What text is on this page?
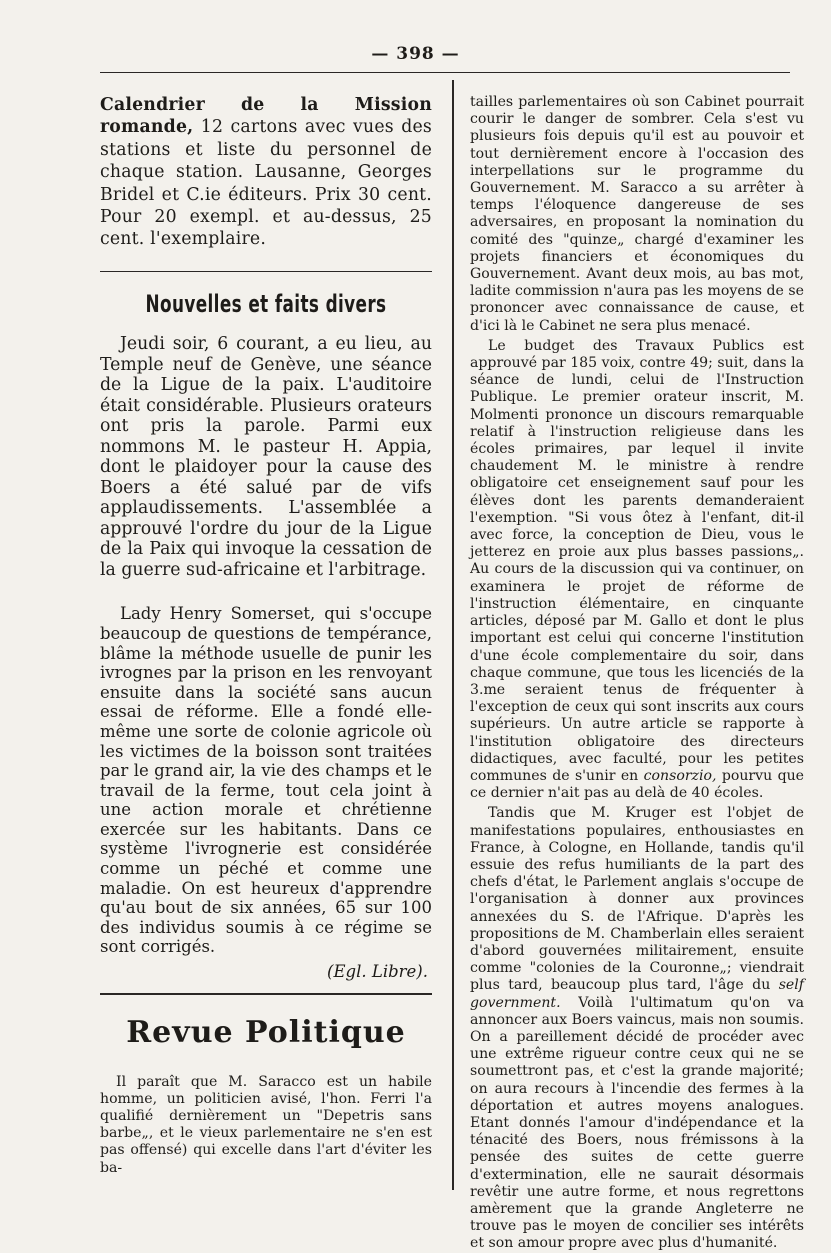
— 398 —

Calendrier de la Mission romande, 12 cartons avec vues des stations et liste du personnel de chaque station. Lausanne, Georges Bridel et C.ie éditeurs. Prix 30 cent. Pour 20 exempl. et au-dessus, 25 cent. l'exemplaire.

Nouvelles et faits divers

Jeudi soir, 6 courant, a eu lieu, au Temple neuf de Genève, une séance de la Ligue de la paix. L'auditoire était considérable. Plusieurs orateurs ont pris la parole. Parmi eux nommons M. le pasteur H. Appia, dont le plaidoyer pour la cause des Boers a été salué par de vifs applaudissements. L'assemblée a approuvé l'ordre du jour de la Ligue de la Paix qui invoque la cessation de la guerre sud-africaine et l'arbitrage.

Lady Henry Somerset, qui s'occupe beaucoup de questions de tempérance, blâme la méthode usuelle de punir les ivrognes par la prison en les renvoyant ensuite dans la société sans aucun essai de réforme. Elle a fondé elle-même une sorte de colonie agricole où les victimes de la boisson sont traitées par le grand air, la vie des champs et le travail de la ferme, tout cela joint à une action morale et chrétienne exercée sur les habitants. Dans ce système l'ivrognerie est considérée comme un péché et comme une maladie. On est heureux d'apprendre qu'au bout de six années, 65 sur 100 des individus soumis à ce régime se sont corrigés.

(Egl. Libre).
Revue Politique

Il paraît que M. Saracco est un habile homme, un politicien avisé, l'hon. Ferri l'a qualifié dernièrement un "Depetris sans barbe„, et le vieux parlementaire ne s'en est pas offensé) qui excelle dans l'art d'éviter les ba-

tailles parlementaires où son Cabinet pourrait courir le danger de sombrer. Cela s'est vu plusieurs fois depuis qu'il est au pouvoir et tout dernièrement encore à l'occasion des interpellations sur le programme du Gouvernement. M. Saracco a su arrêter à temps l'éloquence dangereuse de ses adversaires, en proposant la nomination du comité des "quinze„ chargé d'examiner les projets financiers et économiques du Gouvernement. Avant deux mois, au bas mot, ladite commission n'aura pas les moyens de se prononcer avec connaissance de cause, et d'ici là le Cabinet ne sera plus menacé.

Le budget des Travaux Publics est approuvé par 185 voix, contre 49; suit, dans la séance de lundi, celui de l'Instruction Publique. Le premier orateur inscrit, M. Molmenti prononce un discours remarquable relatif à l'instruction religieuse dans les écoles primaires, par lequel il invite chaudement M. le ministre à rendre obligatoire cet enseignement sauf pour les élèves dont les parents demanderaient l'exemption. "Si vous ôtez à l'enfant, dit-il avec force, la conception de Dieu, vous le jetterez en proie aux plus basses passions„. Au cours de la discussion qui va continuer, on examinera le projet de réforme de l'instruction élémentaire, en cinquante articles, déposé par M. Gallo et dont le plus important est celui qui concerne l'institution d'une école complementaire du soir, dans chaque commune, que tous les licenciés de la 3.me seraient tenus de fréquenter à l'exception de ceux qui sont inscrits aux cours supérieurs. Un autre article se rapporte à l'institution obligatoire des directeurs didactiques, avec faculté, pour les petites communes de s'unir en consorzio, pourvu que ce dernier n'ait pas au delà de 40 écoles.

Tandis que M. Kruger est l'objet de manifestations populaires, enthousiastes en France, à Cologne, en Hollande, tandis qu'il essuie des refus humiliants de la part des chefs d'état, le Parlement anglais s'occupe de l'organisation à donner aux provinces annexées du S. de l'Afrique. D'après les propositions de M. Chamberlain elles seraient d'abord gouvernées militairement, ensuite comme "colonies de la Couronne„; viendrait plus tard, beaucoup plus tard, l'âge du self government. Voilà l'ultimatum qu'on va annoncer aux Boers vaincus, mais non soumis. On a pareillement décidé de procéder avec une extrême rigueur contre ceux qui ne se soumettront pas, et c'est la grande majorité; on aura recours à l'incendie des fermes à la déportation et autres moyens analogues. Etant donnés l'amour d'indépendance et la ténacité des Boers, nous frémissons à la pensée des suites de cette guerre d'extermination, elle ne saurait désormais revêtir une autre forme, et nous regrettons amèrement que la grande Angleterre ne trouve pas le moyen de concilier ses intérêts et son amour propre avec plus d'humanité.
